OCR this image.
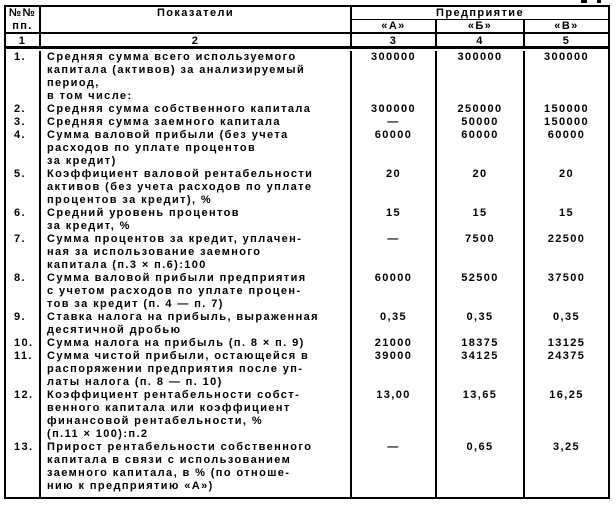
№№
пп.
Показатели	Предприятие
«А»	«Б»	«В»
1	2	3	4	5
1.	Средняя сумма всего используемого
капитала (активов) за анализируемый
период,
в том числе:
300000	300000	300000
2.	Средняя сумма собственного капитала	300000	250000	150000
3.	Средняя сумма заемного капитала	—	50000	150000
4.	Сумма валовой прибыли (без учета
расходов по уплате процентов
за кредит)
60000	60000	60000
5.	Коэффициент валовой рентабельности
активов (без учета расходов по уплате
процентов за кредит), %
20	20	20
6.	Средний уровень процентов
за кредит, %
15	15	15
7.	Сумма процентов за кредит, уплачен-
ная за использование заемного
капитала (п.3 × п.6):100
—	7500	22500
8.	Сумма валовой прибыли предприятия
с учетом расходов по уплате процен-
тов за кредит (п. 4 — п. 7)
60000	52500	37500
9.	Ставка налога на прибыль, выраженная
десятичной дробью
0,35	0,35	0,35
10.	Сумма налога на прибыль (п. 8 × п. 9)	21000	18375	13125
11.	Сумма чистой прибыли, остающейся в
распоряжении предприятия после уп-
латы налога (п. 8 — п. 10)
39000	34125	24375
12.	Коэффициент рентабельности собст-
венного капитала или коэффициент
финансовой рентабельности, %
(п.11 × 100):п.2
13,00	13,65	16,25
13.	Прирост рентабельности собственного
капитала в связи с использованием
заемного капитала, в % (по отноше-
нию к предприятию «А»)
—	0,65	3,25
